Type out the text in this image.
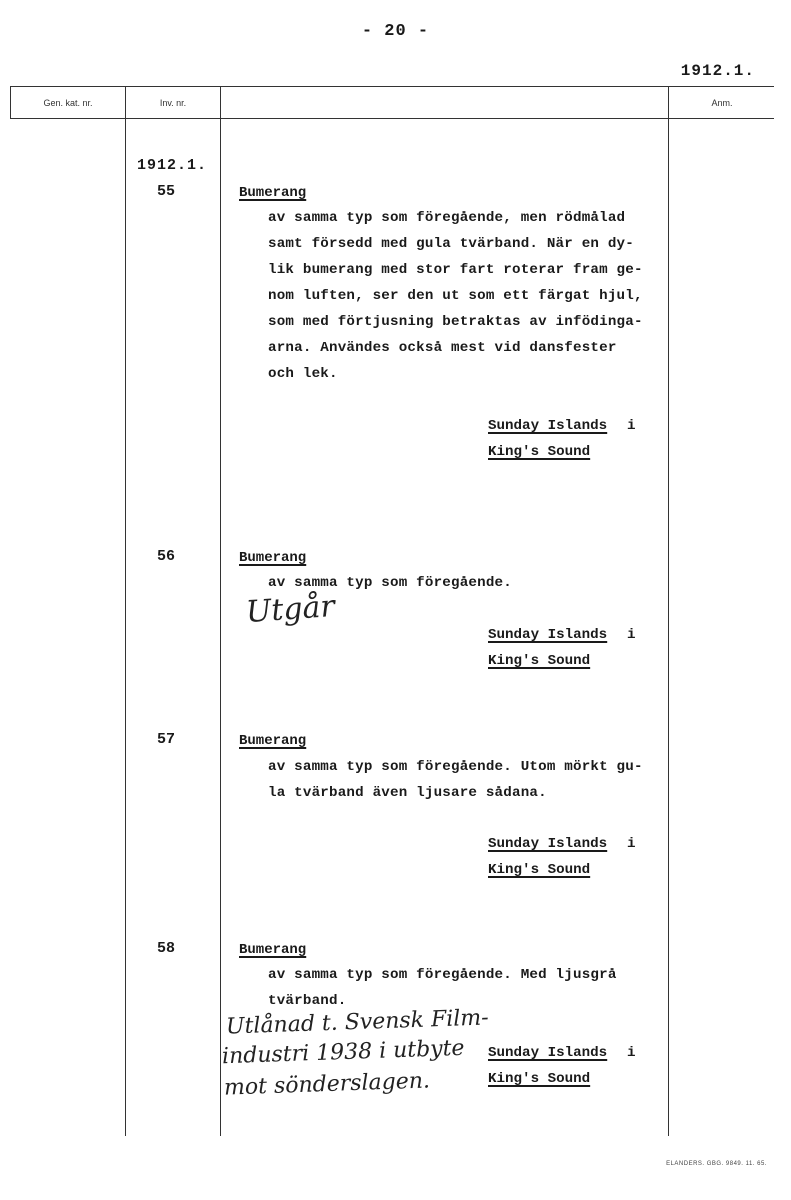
- 20 -
1912.1.
Gen. kat. nr.	Inv. nr.	Anm.
1912.1.
55	Bumerang
av samma typ som föregående, men rödmålad
samt försedd med gula tvärband. När en dy-
lik bumerang med stor fart roterar fram ge-
nom luften, ser den ut som ett färgat hjul,
som med förtjusning betraktas av infödinga-
arna. Användes också mest vid dansfester
och lek.
Sunday Islands i
King's Sound
56	Bumerang
av samma typ som föregående.
Utgår
Sunday Islands i
King's Sound
57	Bumerang
av samma typ som föregående. Utom mörkt gu-
la tvärband även ljusare sådana.
Sunday Islands i
King's Sound
58	Bumerang
av samma typ som föregående. Med ljusgrå
tvärband.
Utlånad t. Svensk Film-
industri 1938 i utbyte
mot sönderslagen.
Sunday Islands i
King's Sound
ELANDERS. GBG. 9849. 11. 65.
